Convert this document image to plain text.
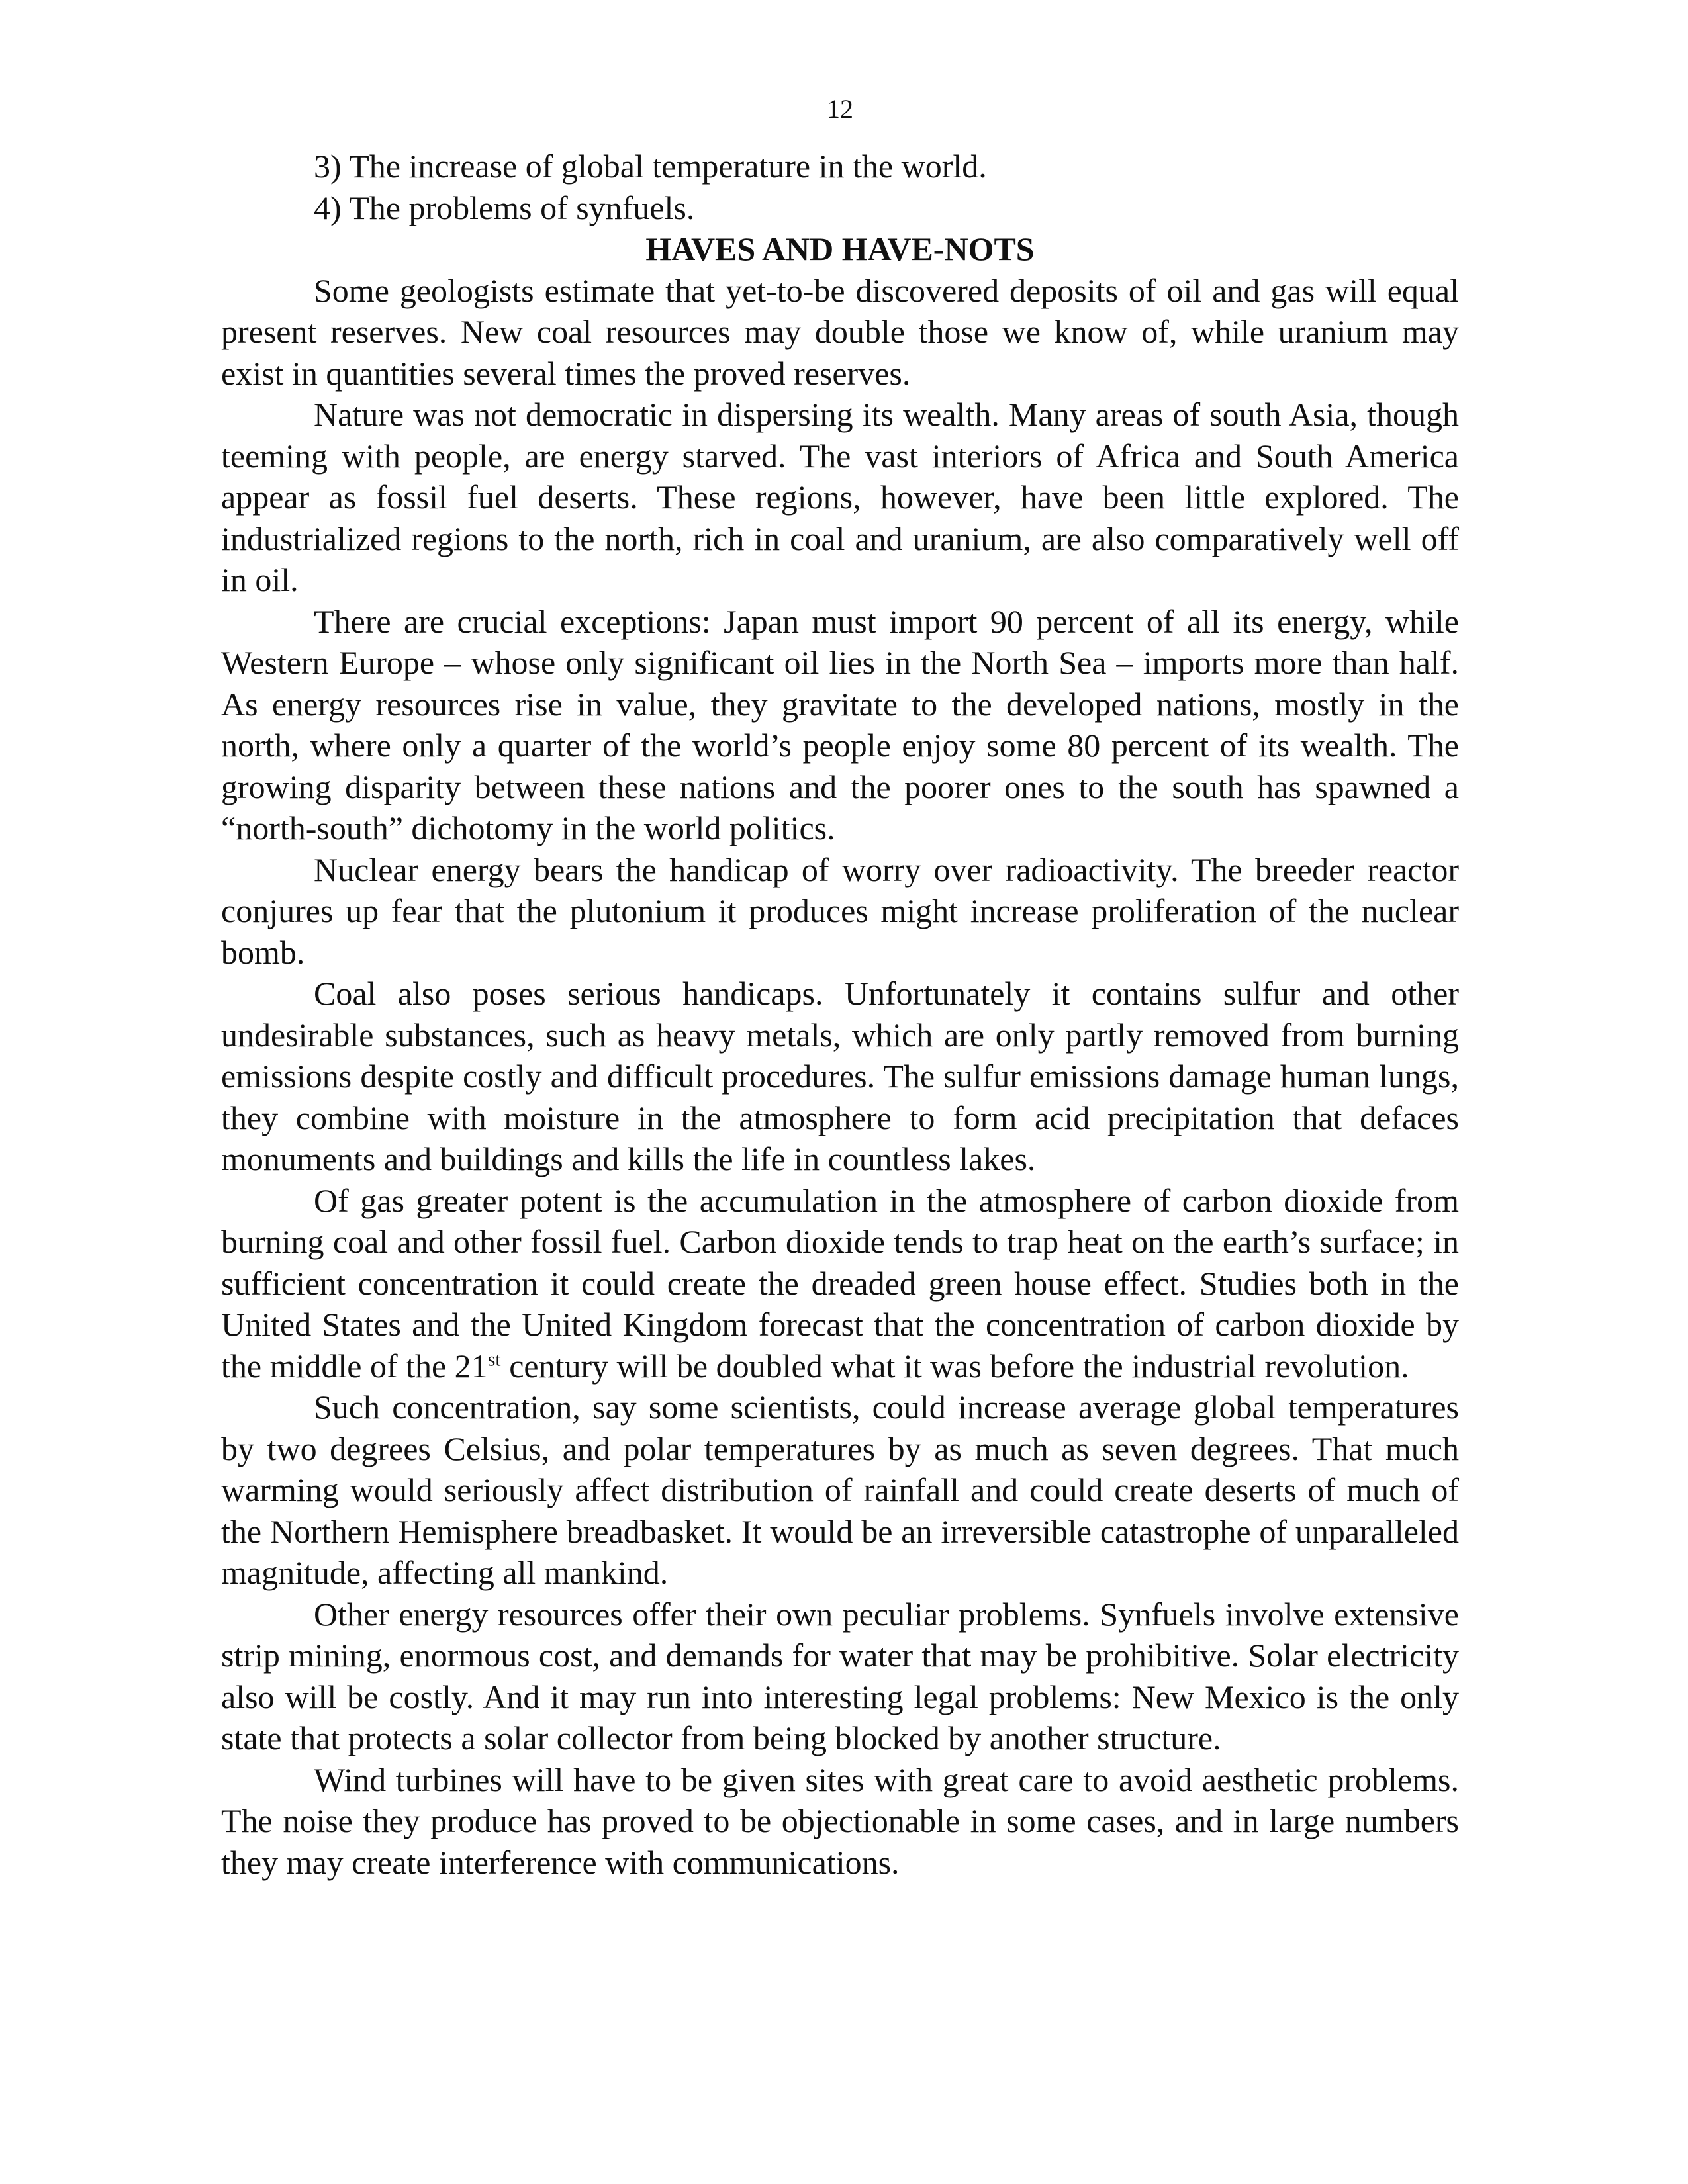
12

3) The increase of global temperature in the world.

4) The problems of synfuels.

HAVES AND HAVE-NOTS

Some geologists estimate that yet-to-be discovered deposits of oil and gas will equal present reserves. New coal resources may double those we know of, while uranium may exist in quantities several times the proved reserves.

Nature was not democratic in dispersing its wealth. Many areas of south Asia, though teeming with people, are energy starved. The vast interiors of Africa and South America appear as fossil fuel deserts. These regions, however, have been little explored. The industrialized regions to the north, rich in coal and uranium, are also comparatively well off in oil.

There are crucial exceptions: Japan must import 90 percent of all its energy, while Western Europe – whose only significant oil lies in the North Sea – imports more than half. As energy resources rise in value, they gravitate to the developed nations, mostly in the north, where only a quarter of the world’s people enjoy some 80 percent of its wealth. The growing disparity between these nations and the poorer ones to the south has spawned a “north-south” dichotomy in the world politics.

Nuclear energy bears the handicap of worry over radioactivity. The breeder reactor conjures up fear that the plutonium it produces might increase proliferation of the nuclear bomb.

Coal also poses serious handicaps. Unfortunately it contains sulfur and other undesirable substances, such as heavy metals, which are only partly removed from burning emissions despite costly and difficult procedures. The sulfur emissions damage human lungs, they combine with moisture in the atmosphere to form acid precipitation that defaces monuments and buildings and kills the life in countless lakes.

Of gas greater potent is the accumulation in the atmosphere of carbon dioxide from burning coal and other fossil fuel. Carbon dioxide tends to trap heat on the earth’s surface; in sufficient concentration it could create the dreaded green house effect. Studies both in the United States and the United Kingdom forecast that the concentration of carbon dioxide by the middle of the 21st century will be doubled what it was before the industrial revolution.

Such concentration, say some scientists, could increase average global temperatures by two degrees Celsius, and polar temperatures by as much as seven degrees. That much warming would seriously affect distribution of rainfall and could create deserts of much of the Northern Hemisphere breadbasket. It would be an irreversible catastrophe of unparalleled magnitude, affecting all mankind.

Other energy resources offer their own peculiar problems. Synfuels involve extensive strip mining, enormous cost, and demands for water that may be prohibitive. Solar electricity also will be costly. And it may run into interesting legal problems: New Mexico is the only state that protects a solar collector from being blocked by another structure.

Wind turbines will have to be given sites with great care to avoid aesthetic problems. The noise they produce has proved to be objectionable in some cases, and in large numbers they may create interference with communications.
